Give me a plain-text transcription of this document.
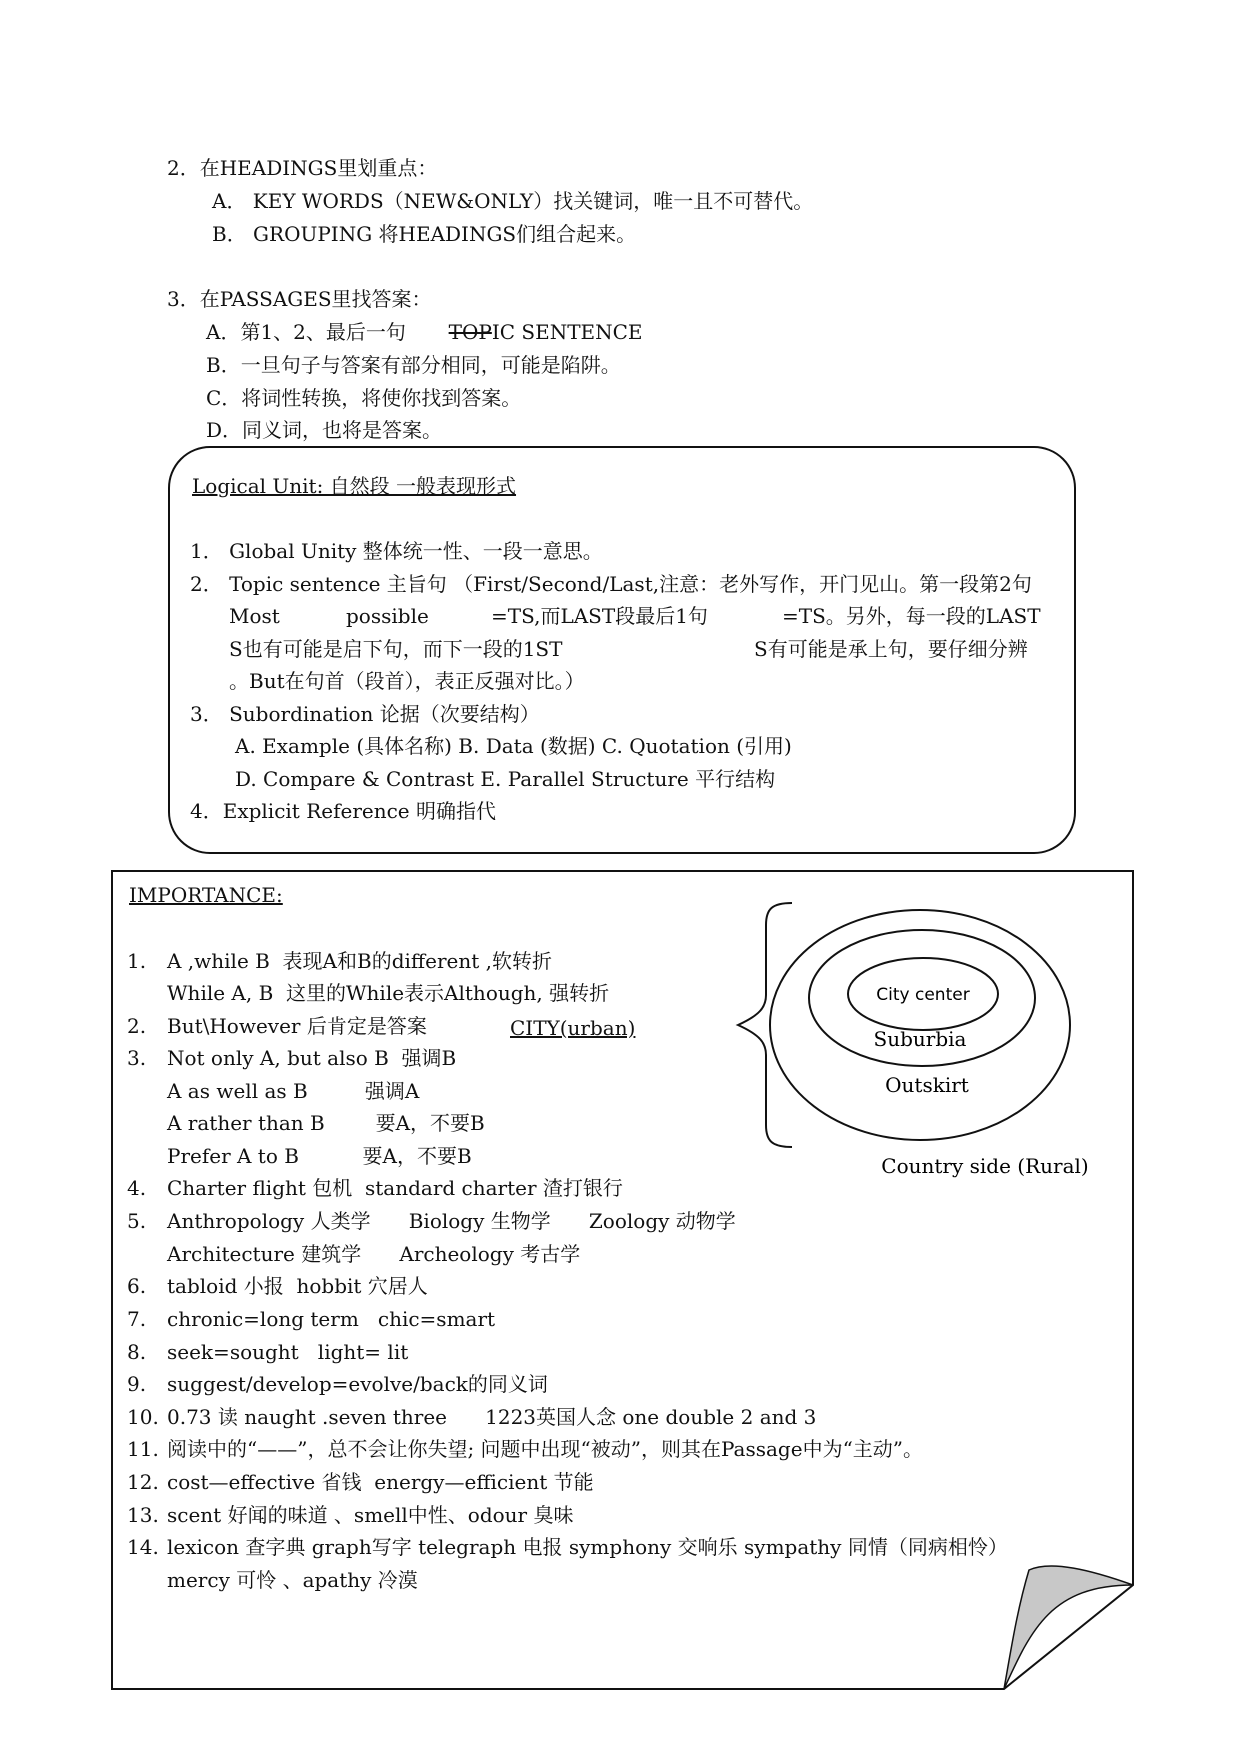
2．在HEADINGS里划重点：
A． KEY WORDS（NEW&ONLY）找关键词，唯一且不可替代。
B． GROUPING 将HEADINGS们组合起来。
3．在PASSAGES里找答案：
A．第1、2、最后一句 TOPIC SENTENCE
B．一旦句子与答案有部分相同，可能是陷阱。
C．将词性转换，将使你找到答案。
D．同义词，也将是答案。
Logical Unit: 自然段 一般表现形式
1． Global Unity 整体统一性、一段一意思。
2． Topic sentence 主旨句 （First/Second/Last,注意：老外写作，开门见山。第一段第2句
Most	possible	=TS,而LAST段最后1句	=TS。另外，每一段的LAST
S也有可能是启下句，而下一段的1ST	S有可能是承上句，要仔细分辨
。But在句首（段首），表正反强对比。）
3． Subordination 论据（次要结构）
A. Example (具体名称) B. Data (数据) C. Quotation (引用)
D. Compare & Contrast E. Parallel Structure 平行结构
4．Explicit Reference 明确指代
IMPORTANCE:
1. A ,while B  表现A和B的different ,软转折
While A, B  这里的While表示Although, 强转折
2. But\However 后肯定是答案
3. Not only A, but also B  强调B
A as well as B         强调A
A rather than B        要A，不要B
Prefer A to B          要A，不要B
4. Charter flight 包机  standard charter 渣打银行
5. Anthropology 人类学      Biology 生物学      Zoology 动物学
Architecture 建筑学      Archeology 考古学
6. tabloid 小报  hobbit 穴居人
7. chronic=long term   chic=smart
8. seek=sought   light= lit
9. suggest/develop=evolve/back的同义词
10. 0.73 读 naught .seven three      1223英国人念 one double 2 and 3
11. 阅读中的“——”，总不会让你失望; 问题中出现“被动”，则其在Passage中为“主动”。
12. cost—effective 省钱  energy—efficient 节能
13. scent 好闻的味道 、smell中性、odour 臭味
14. lexicon 查字典 graph写字 telegraph 电报 symphony 交响乐 sympathy 同情（同病相怜）
mercy 可怜 、apathy 冷漠
CITY(urban)
City center
Suburbia
Outskirt
Country side (Rural)
